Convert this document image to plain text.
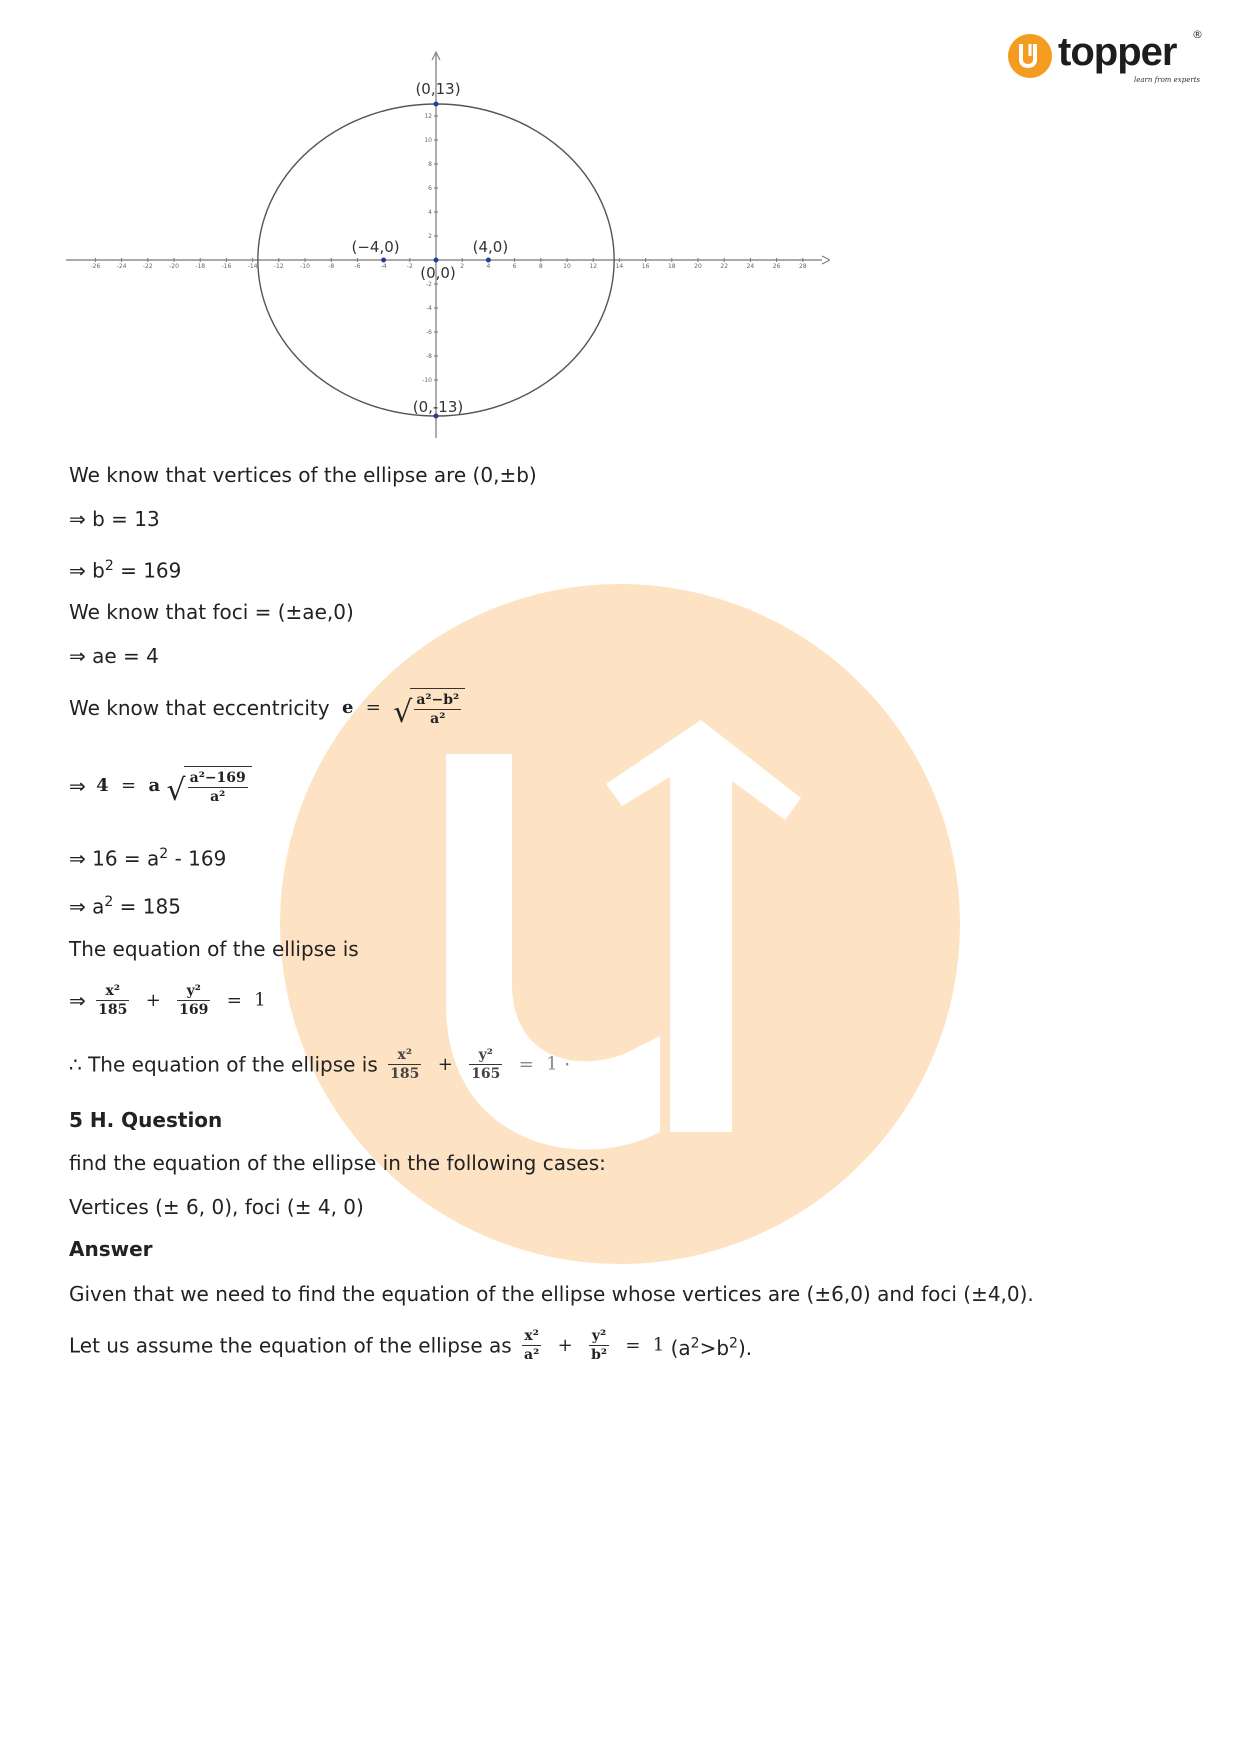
topper ®
learn from experts
-26	-24	-22	-20	-18	-16	-14	-12	-10	-8	-6	-4	-2	2	4	6	8	10	12	14	16	18	20	22	24	26	28
12
10
8
6
4
2
-2
-4
-6
-8
-10
(0,13)
(−4,0)	(4,0)
(0,0)
(0,-13)
We know that vertices of the ellipse are (0,±b)
⇒ b = 13
⇒ $b^2 = 169$
We know that foci = (±ae,0)
⇒ ae = 4
We know that eccentricity e = √ $\frac{\text{a²−b²}}{\text{a²}}$
⇒ 4 = a √ $\frac{\text{a²−169}}{\text{a²}}$
⇒ $16 = a^2 - 169$
⇒ $a^2 = 185$
The equation of the ellipse is
⇒ $\frac{\text{x²}}{185} + \frac{\text{y²}}{169} = 1$
∴ The equation of the ellipse is $\frac{\text{x²}}{185} + \frac{\text{y²}}{165} = 1$ ·
5 H. Question
find the equation of the ellipse in the following cases:
Vertices (± 6, 0), foci (± 4, 0)
Answer
Given that we need to find the equation of the ellipse whose vertices are (±6,0) and foci (±4,0).
Let us assume the equation of the ellipse as $\frac{\text{x²}}{\text{a²}} + \frac{\text{y²}}{\text{b²}} = 1$ $(a^2>b^2)$.
